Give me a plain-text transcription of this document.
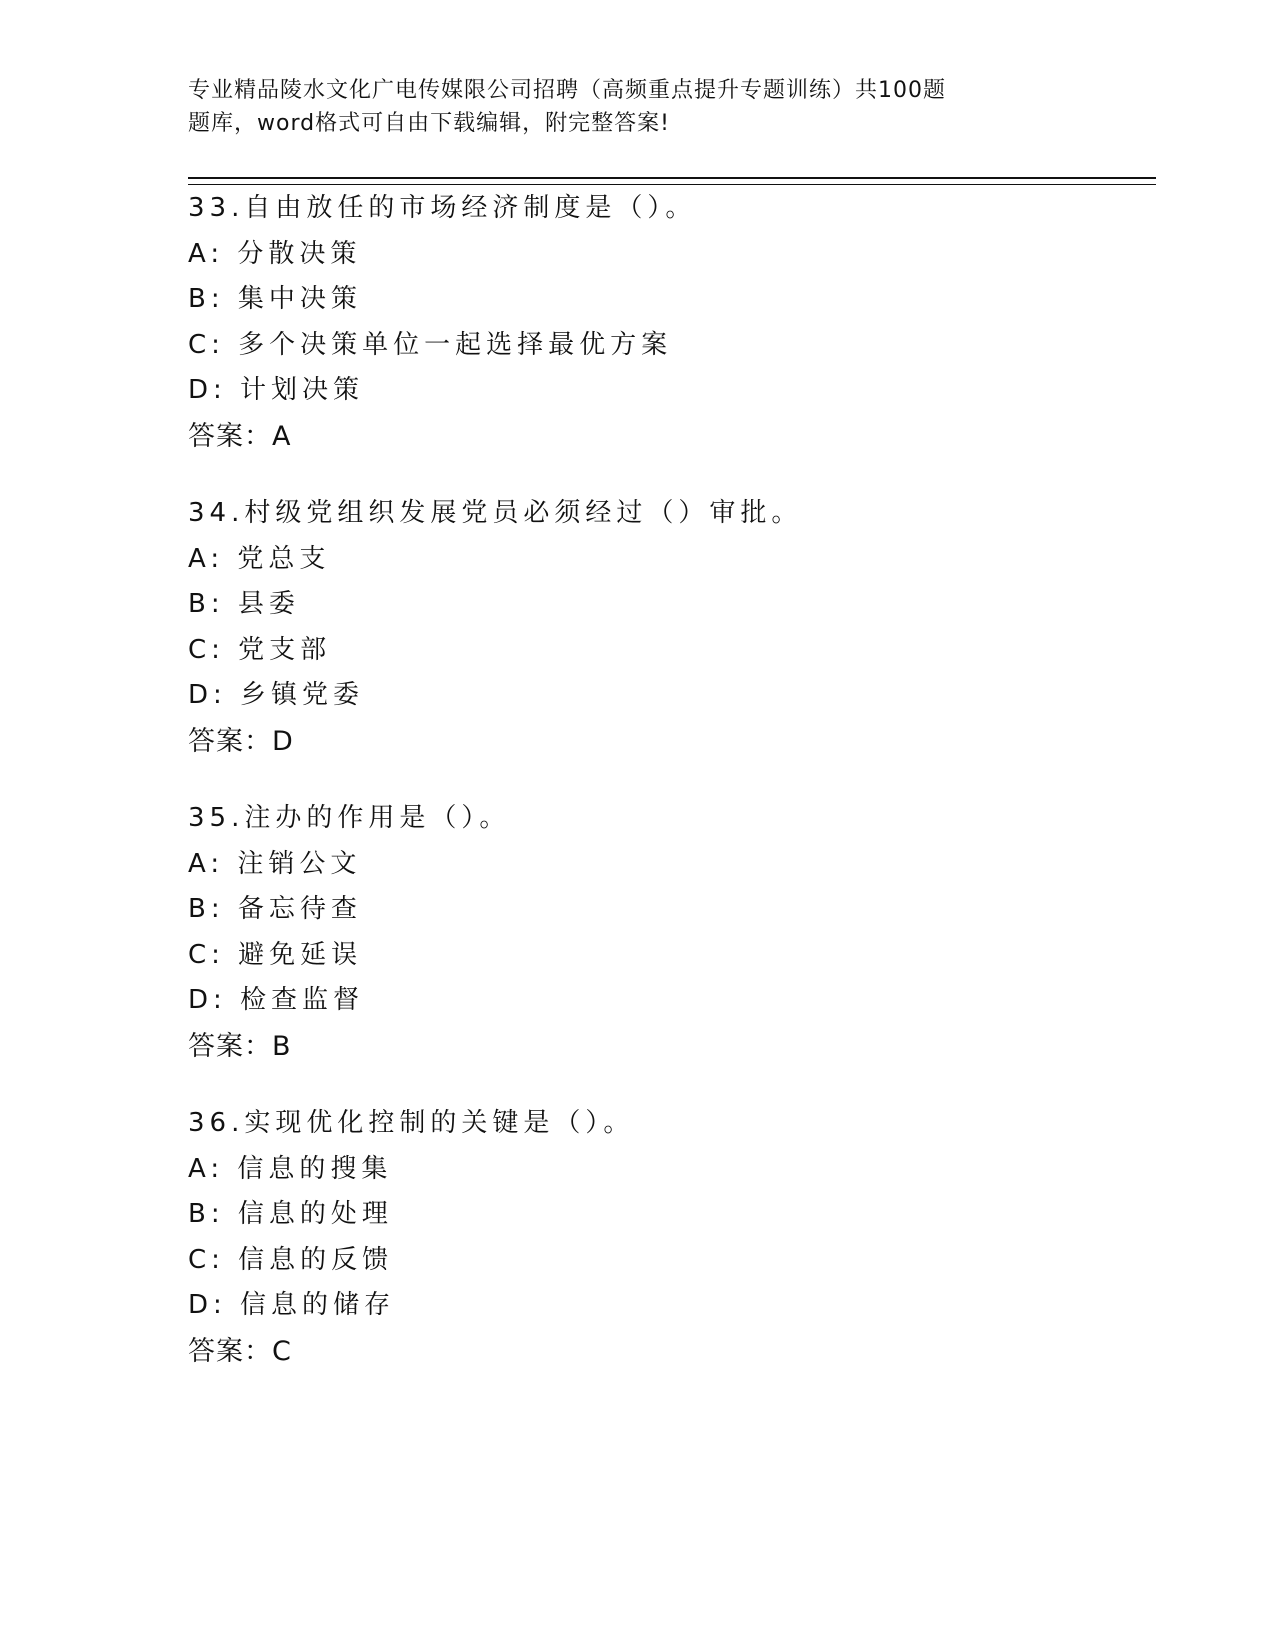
专业精品陵水文化广电传媒限公司招聘（高频重点提升专题训练）共100题
题库，word格式可自由下载编辑，附完整答案!
33.自由放任的市场经济制度是（）。
A: 分散决策
B: 集中决策
C: 多个决策单位一起选择最优方案
D: 计划决策
答案：A
34.村级党组织发展党员必须经过（）审批。
A: 党总支
B: 县委
C: 党支部
D: 乡镇党委
答案：D
35.注办的作用是（）。
A: 注销公文
B: 备忘待查
C: 避免延误
D: 检查监督
答案：B
36.实现优化控制的关键是（）。
A: 信息的搜集
B: 信息的处理
C: 信息的反馈
D: 信息的储存
答案：C
